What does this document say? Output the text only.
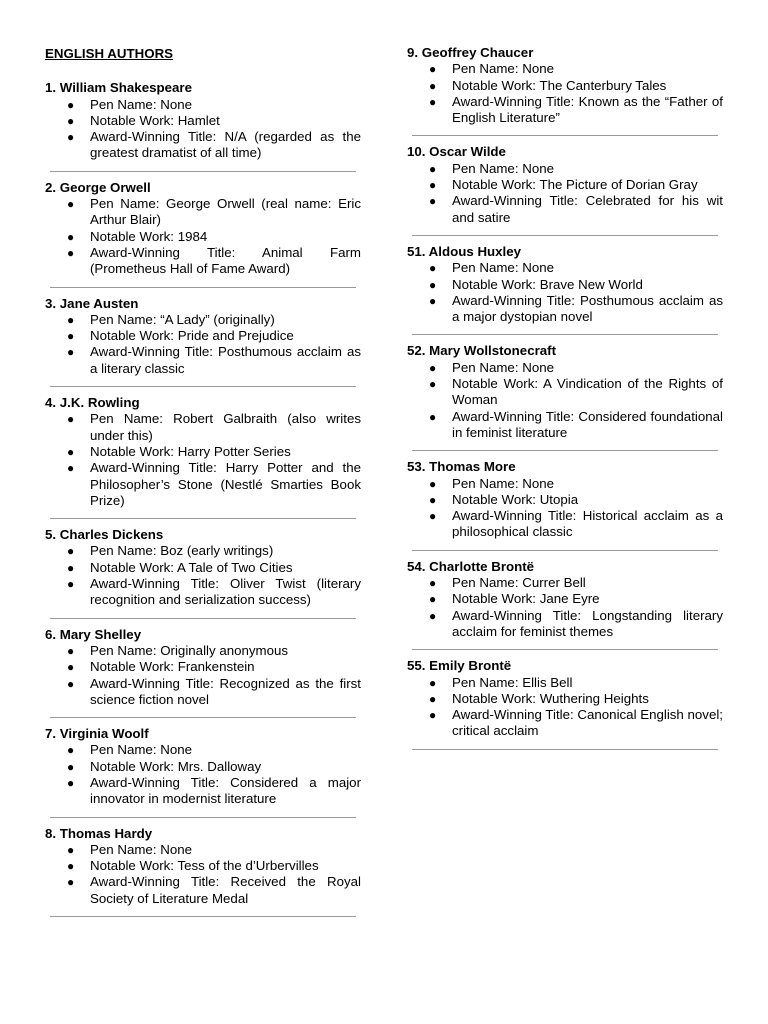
ENGLISH AUTHORS
1. William Shakespeare
● Pen Name: None
● Notable Work: Hamlet
● Award-Winning Title: N/A (regarded as the greatest dramatist of all time)
2. George Orwell
● Pen Name: George Orwell (real name: Eric Arthur Blair)
● Notable Work: 1984
● Award-Winning Title: Animal Farm (Prometheus Hall of Fame Award)
3. Jane Austen
● Pen Name: “A Lady” (originally)
● Notable Work: Pride and Prejudice
● Award-Winning Title: Posthumous acclaim as a literary classic
4. J.K. Rowling
● Pen Name: Robert Galbraith (also writes under this)
● Notable Work: Harry Potter Series
● Award-Winning Title: Harry Potter and the Philosopher’s Stone (Nestlé Smarties Book Prize)
5. Charles Dickens
● Pen Name: Boz (early writings)
● Notable Work: A Tale of Two Cities
● Award-Winning Title: Oliver Twist (literary recognition and serialization success)
6. Mary Shelley
● Pen Name: Originally anonymous
● Notable Work: Frankenstein
● Award-Winning Title: Recognized as the first science fiction novel
7. Virginia Woolf
● Pen Name: None
● Notable Work: Mrs. Dalloway
● Award-Winning Title: Considered a major innovator in modernist literature
8. Thomas Hardy
● Pen Name: None
● Notable Work: Tess of the d’Urbervilles
● Award-Winning Title: Received the Royal Society of Literature Medal
9. Geoffrey Chaucer
● Pen Name: None
● Notable Work: The Canterbury Tales
● Award-Winning Title: Known as the “Father of English Literature”
10. Oscar Wilde
● Pen Name: None
● Notable Work: The Picture of Dorian Gray
● Award-Winning Title: Celebrated for his wit and satire
51. Aldous Huxley
● Pen Name: None
● Notable Work: Brave New World
● Award-Winning Title: Posthumous acclaim as a major dystopian novel
52. Mary Wollstonecraft
● Pen Name: None
● Notable Work: A Vindication of the Rights of Woman
● Award-Winning Title: Considered foundational in feminist literature
53. Thomas More
● Pen Name: None
● Notable Work: Utopia
● Award-Winning Title: Historical acclaim as a philosophical classic
54. Charlotte Brontë
● Pen Name: Currer Bell
● Notable Work: Jane Eyre
● Award-Winning Title: Longstanding literary acclaim for feminist themes
55. Emily Brontë
● Pen Name: Ellis Bell
● Notable Work: Wuthering Heights
● Award-Winning Title: Canonical English novel; critical acclaim
